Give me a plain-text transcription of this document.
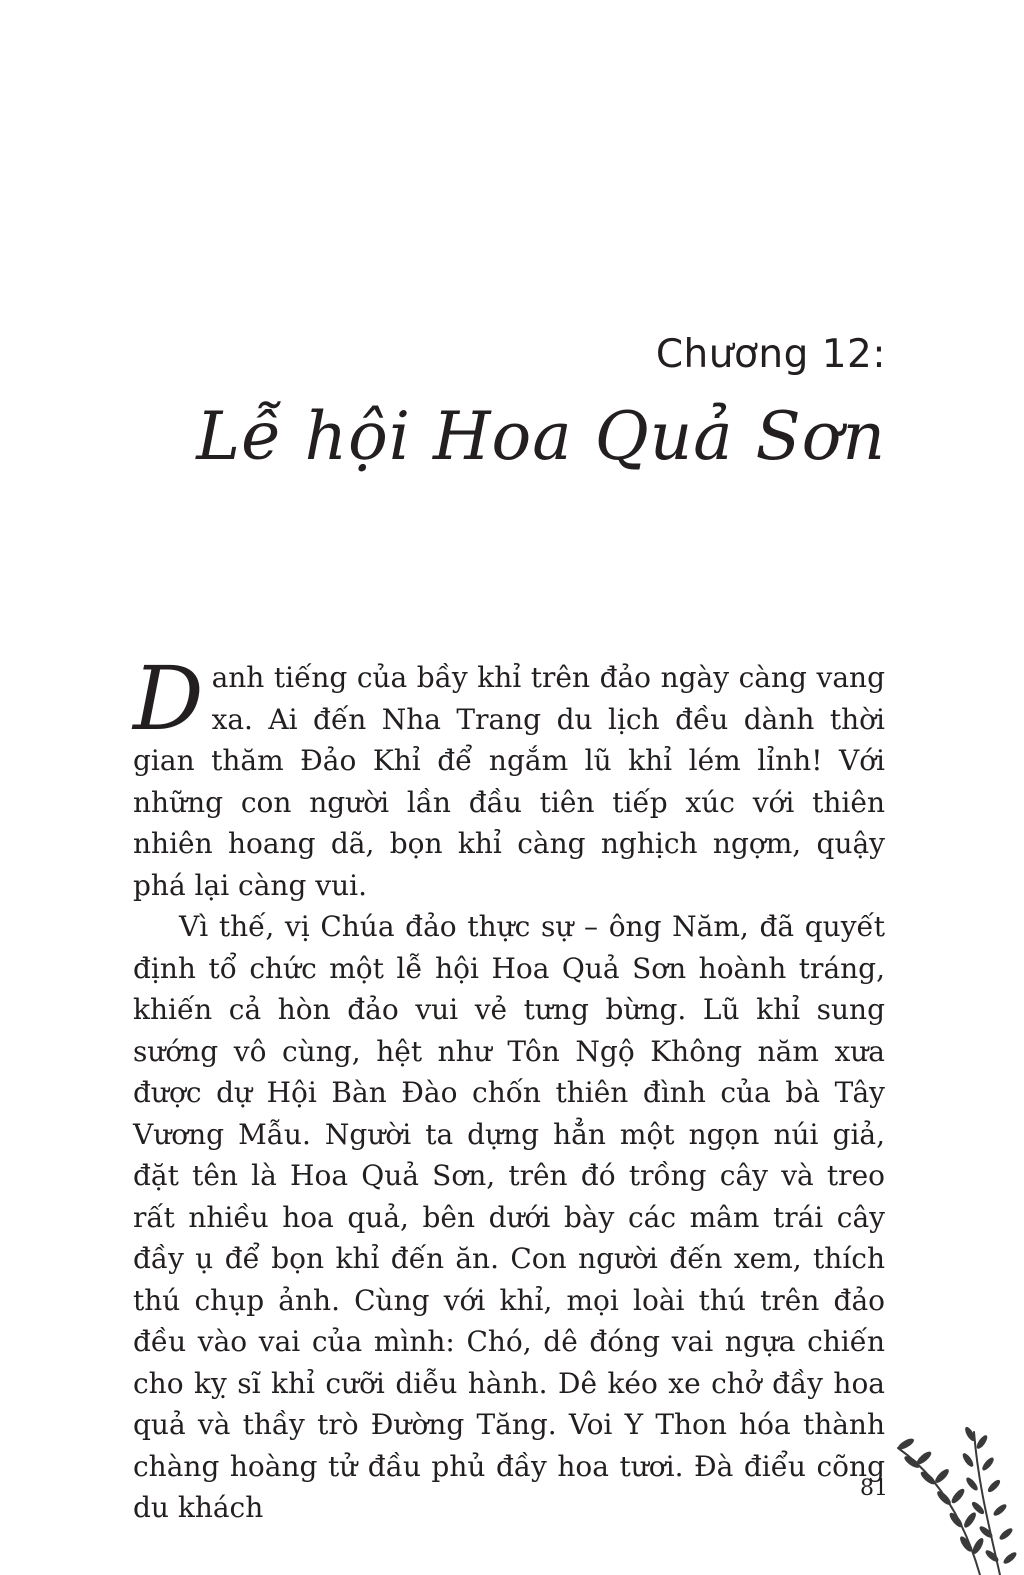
Chương 12:
Lễ hội Hoa Quả Sơn

Danh tiếng của bầy khỉ trên đảo ngày càng vang xa. Ai đến Nha Trang du lịch đều dành thời gian thăm Đảo Khỉ để ngắm lũ khỉ lém lỉnh! Với những con người lần đầu tiên tiếp xúc với thiên nhiên hoang dã, bọn khỉ càng nghịch ngợm, quậy phá lại càng vui.

Vì thế, vị Chúa đảo thực sự – ông Năm, đã quyết định tổ chức một lễ hội Hoa Quả Sơn hoành tráng, khiến cả hòn đảo vui vẻ tưng bừng. Lũ khỉ sung sướng vô cùng, hệt như Tôn Ngộ Không năm xưa được dự Hội Bàn Đào chốn thiên đình của bà Tây Vương Mẫu. Người ta dựng hẳn một ngọn núi giả, đặt tên là Hoa Quả Sơn, trên đó trồng cây và treo rất nhiều hoa quả, bên dưới bày các mâm trái cây đầy ụ để bọn khỉ đến ăn. Con người đến xem, thích thú chụp ảnh. Cùng với khỉ, mọi loài thú trên đảo đều vào vai của mình: Chó, dê đóng vai ngựa chiến cho kỵ sĩ khỉ cưỡi diễu hành. Dê kéo xe chở đầy hoa quả và thầy trò Đường Tăng. Voi Y Thon hóa thành chàng hoàng tử đầu phủ đầy hoa tươi. Đà điểu cõng du khách

81
